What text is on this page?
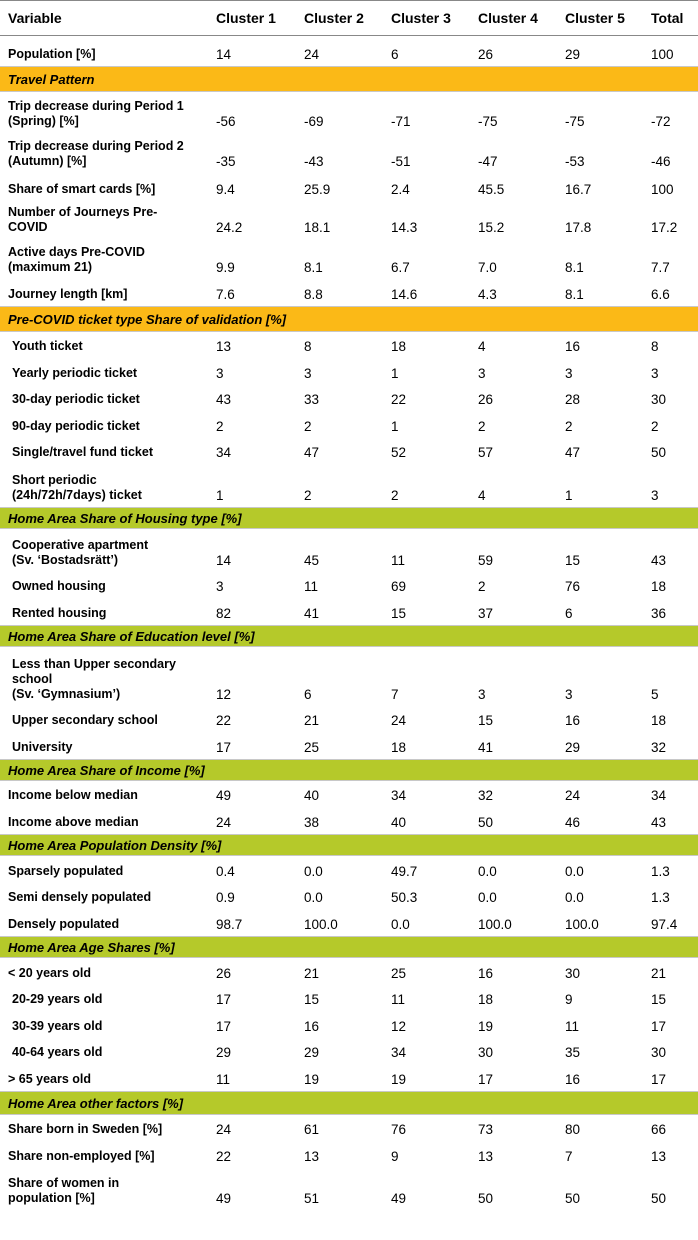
Variable	Cluster 1	Cluster 2	Cluster 3	Cluster 4	Cluster 5	Total
Population [%]	14	24	6	26	29	100
Travel Pattern						
Trip decrease during Period 1
(Spring) [%]	-56	-69	-71	-75	-75	-72
Trip decrease during Period 2
(Autumn) [%]	-35	-43	-51	-47	-53	-46
Share of smart cards [%]	9.4	25.9	2.4	45.5	16.7	100
Number of Journeys Pre-
COVID	24.2	18.1	14.3	15.2	17.8	17.2
Active days Pre-COVID
(maximum 21)	9.9	8.1	6.7	7.0	8.1	7.7
Journey length [km]	7.6	8.8	14.6	4.3	8.1	6.6
Pre-COVID ticket type Share of validation [%]						
Youth ticket	13	8	18	4	16	8
Yearly periodic ticket	3	3	1	3	3	3
30-day periodic ticket	43	33	22	26	28	30
90-day periodic ticket	2	2	1	2	2	2
Single/travel fund ticket	34	47	52	57	47	50
Short periodic
(24h/72h/7days) ticket	1	2	2	4	1	3
Home Area Share of Housing type [%]						
Cooperative apartment
(Sv. ‘Bostadsrätt’)	14	45	11	59	15	43
Owned housing	3	11	69	2	76	18
Rented housing	82	41	15	37	6	36
Home Area Share of Education level [%]						
Less than Upper secondary
school
(Sv. ‘Gymnasium’)	12	6	7	3	3	5
Upper secondary school	22	21	24	15	16	18
University	17	25	18	41	29	32
Home Area Share of Income [%]						
Income below median	49	40	34	32	24	34
Income above median	24	38	40	50	46	43
Home Area Population Density [%]						
Sparsely populated	0.4	0.0	49.7	0.0	0.0	1.3
Semi densely populated	0.9	0.0	50.3	0.0	0.0	1.3
Densely populated	98.7	100.0	0.0	100.0	100.0	97.4
Home Area Age Shares [%]						
< 20 years old	26	21	25	16	30	21
20-29 years old	17	15	11	18	9	15
30-39 years old	17	16	12	19	11	17
40-64 years old	29	29	34	30	35	30
> 65 years old	11	19	19	17	16	17
Home Area other factors [%]						
Share born in Sweden [%]	24	61	76	73	80	66
Share non-employed [%]	22	13	9	13	7	13
Share of women in
population [%]	49	51	49	50	50	50
